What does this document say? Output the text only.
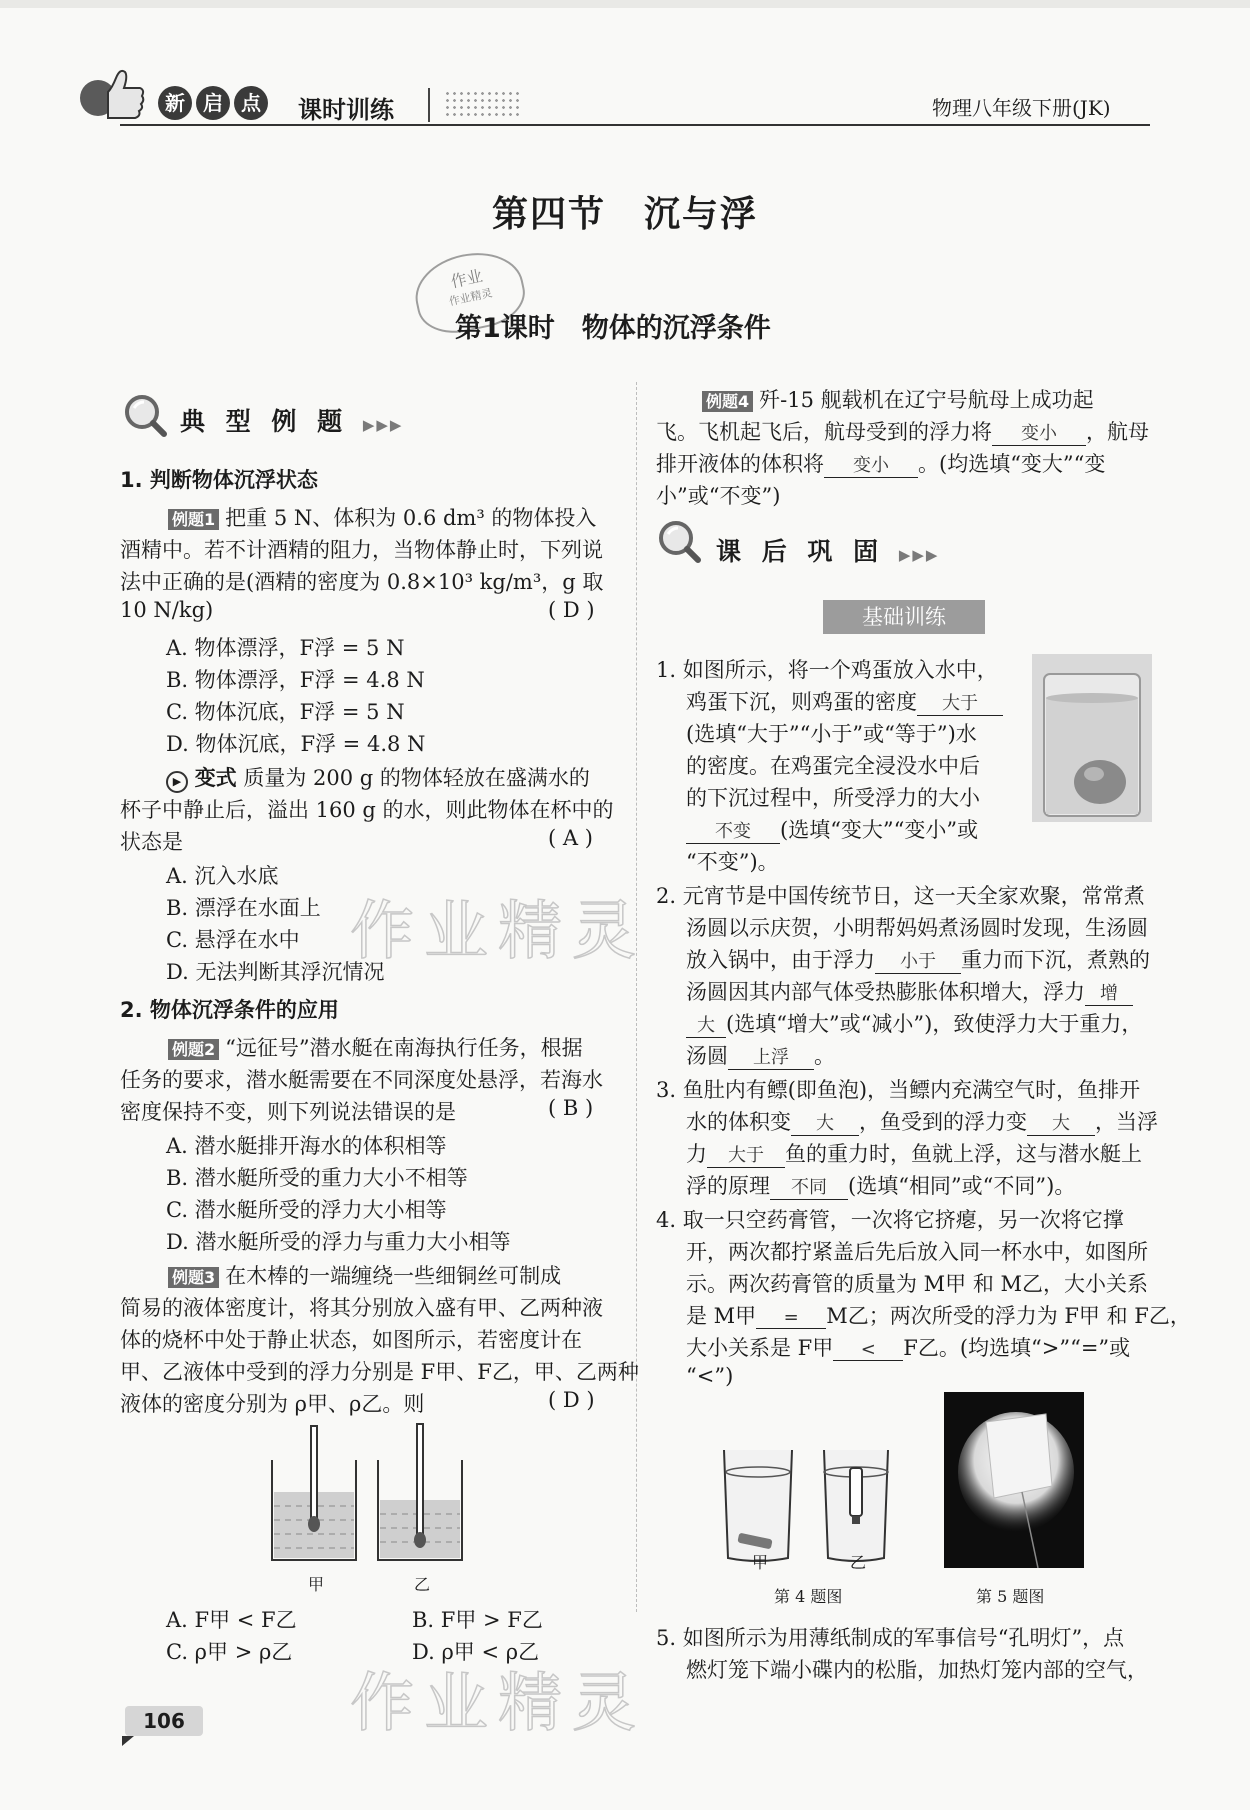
新 启 点	课时训练	物理八年级下册(JK)
第四节　沉与浮
作业
作业精灵
第1课时　物体的沉浮条件
典 型 例 题 ▶▶▶
1. 判断物体沉浮状态
例题1 把重 5 N、体积为 0.6 dm³ 的物体投入
酒精中。若不计酒精的阻力，当物体静止时，下列说
法中正确的是(酒精的密度为 0.8×10³ kg/m³，g 取
10 N/kg)	( D )
A. 物体漂浮，F浮 = 5 N
B. 物体漂浮，F浮 = 4.8 N
C. 物体沉底，F浮 = 5 N
D. 物体沉底，F浮 = 4.8 N
▶ 变式 质量为 200 g 的物体轻放在盛满水的
杯子中静止后，溢出 160 g 的水，则此物体在杯中的
状态是	( A )
A. 沉入水底
B. 漂浮在水面上
C. 悬浮在水中
D. 无法判断其浮沉情况
2. 物体沉浮条件的应用
例题2 “远征号”潜水艇在南海执行任务，根据
任务的要求，潜水艇需要在不同深度处悬浮，若海水
密度保持不变，则下列说法错误的是	( B )
A. 潜水艇排开海水的体积相等
B. 潜水艇所受的重力大小不相等
C. 潜水艇所受的浮力大小相等
D. 潜水艇所受的浮力与重力大小相等
例题3 在木棒的一端缠绕一些细铜丝可制成
简易的液体密度计，将其分别放入盛有甲、乙两种液
体的烧杯中处于静止状态，如图所示，若密度计在
甲、乙液体中受到的浮力分别是 F甲、F乙，甲、乙两种
液体的密度分别为 ρ甲、ρ乙。则	( D )
甲	乙
A. F甲 < F乙	B. F甲 > F乙
C. ρ甲 > ρ乙	D. ρ甲 < ρ乙
例题4 歼-15 舰载机在辽宁号航母上成功起
飞。飞机起飞后，航母受到的浮力将 变小 ，航母
排开液体的体积将 变小 。(均选填“变大”“变
小”或“不变”)
课 后 巩 固 ▶▶▶
基础训练
1. 如图所示，将一个鸡蛋放入水中，
鸡蛋下沉，则鸡蛋的密度 大于
(选填“大于”“小于”或“等于”)水
的密度。在鸡蛋完全浸没水中后
的下沉过程中，所受浮力的大小
不变 (选填“变大”“变小”或
“不变”)。
2. 元宵节是中国传统节日，这一天全家欢聚，常常煮
汤圆以示庆贺，小明帮妈妈煮汤圆时发现，生汤圆
放入锅中，由于浮力 小于 重力而下沉，煮熟的
汤圆因其内部气体受热膨胀体积增大，浮力 增
大 (选填“增大”或“减小”)，致使浮力大于重力，
汤圆 上浮 。
3. 鱼肚内有鳔(即鱼泡)，当鳔内充满空气时，鱼排开
水的体积变 大 ，鱼受到的浮力变 大 ，当浮
力 大于 鱼的重力时，鱼就上浮，这与潜水艇上
浮的原理 不同 (选填“相同”或“不同”)。
4. 取一只空药膏管，一次将它挤瘪，另一次将它撑
开，两次都拧紧盖后先后放入同一杯水中，如图所
示。两次药膏管的质量为 M甲 和 M乙，大小关系
是 M甲 = M乙；两次所受的浮力为 F甲 和 F乙，
大小关系是 F甲 < F乙。(均选填“>”“=”或
“<”)
甲	乙
第 4 题图	第 5 题图
5. 如图所示为用薄纸制成的军事信号“孔明灯”，点
燃灯笼下端小碟内的松脂，加热灯笼内部的空气，
作业精灵
作业精灵
106
